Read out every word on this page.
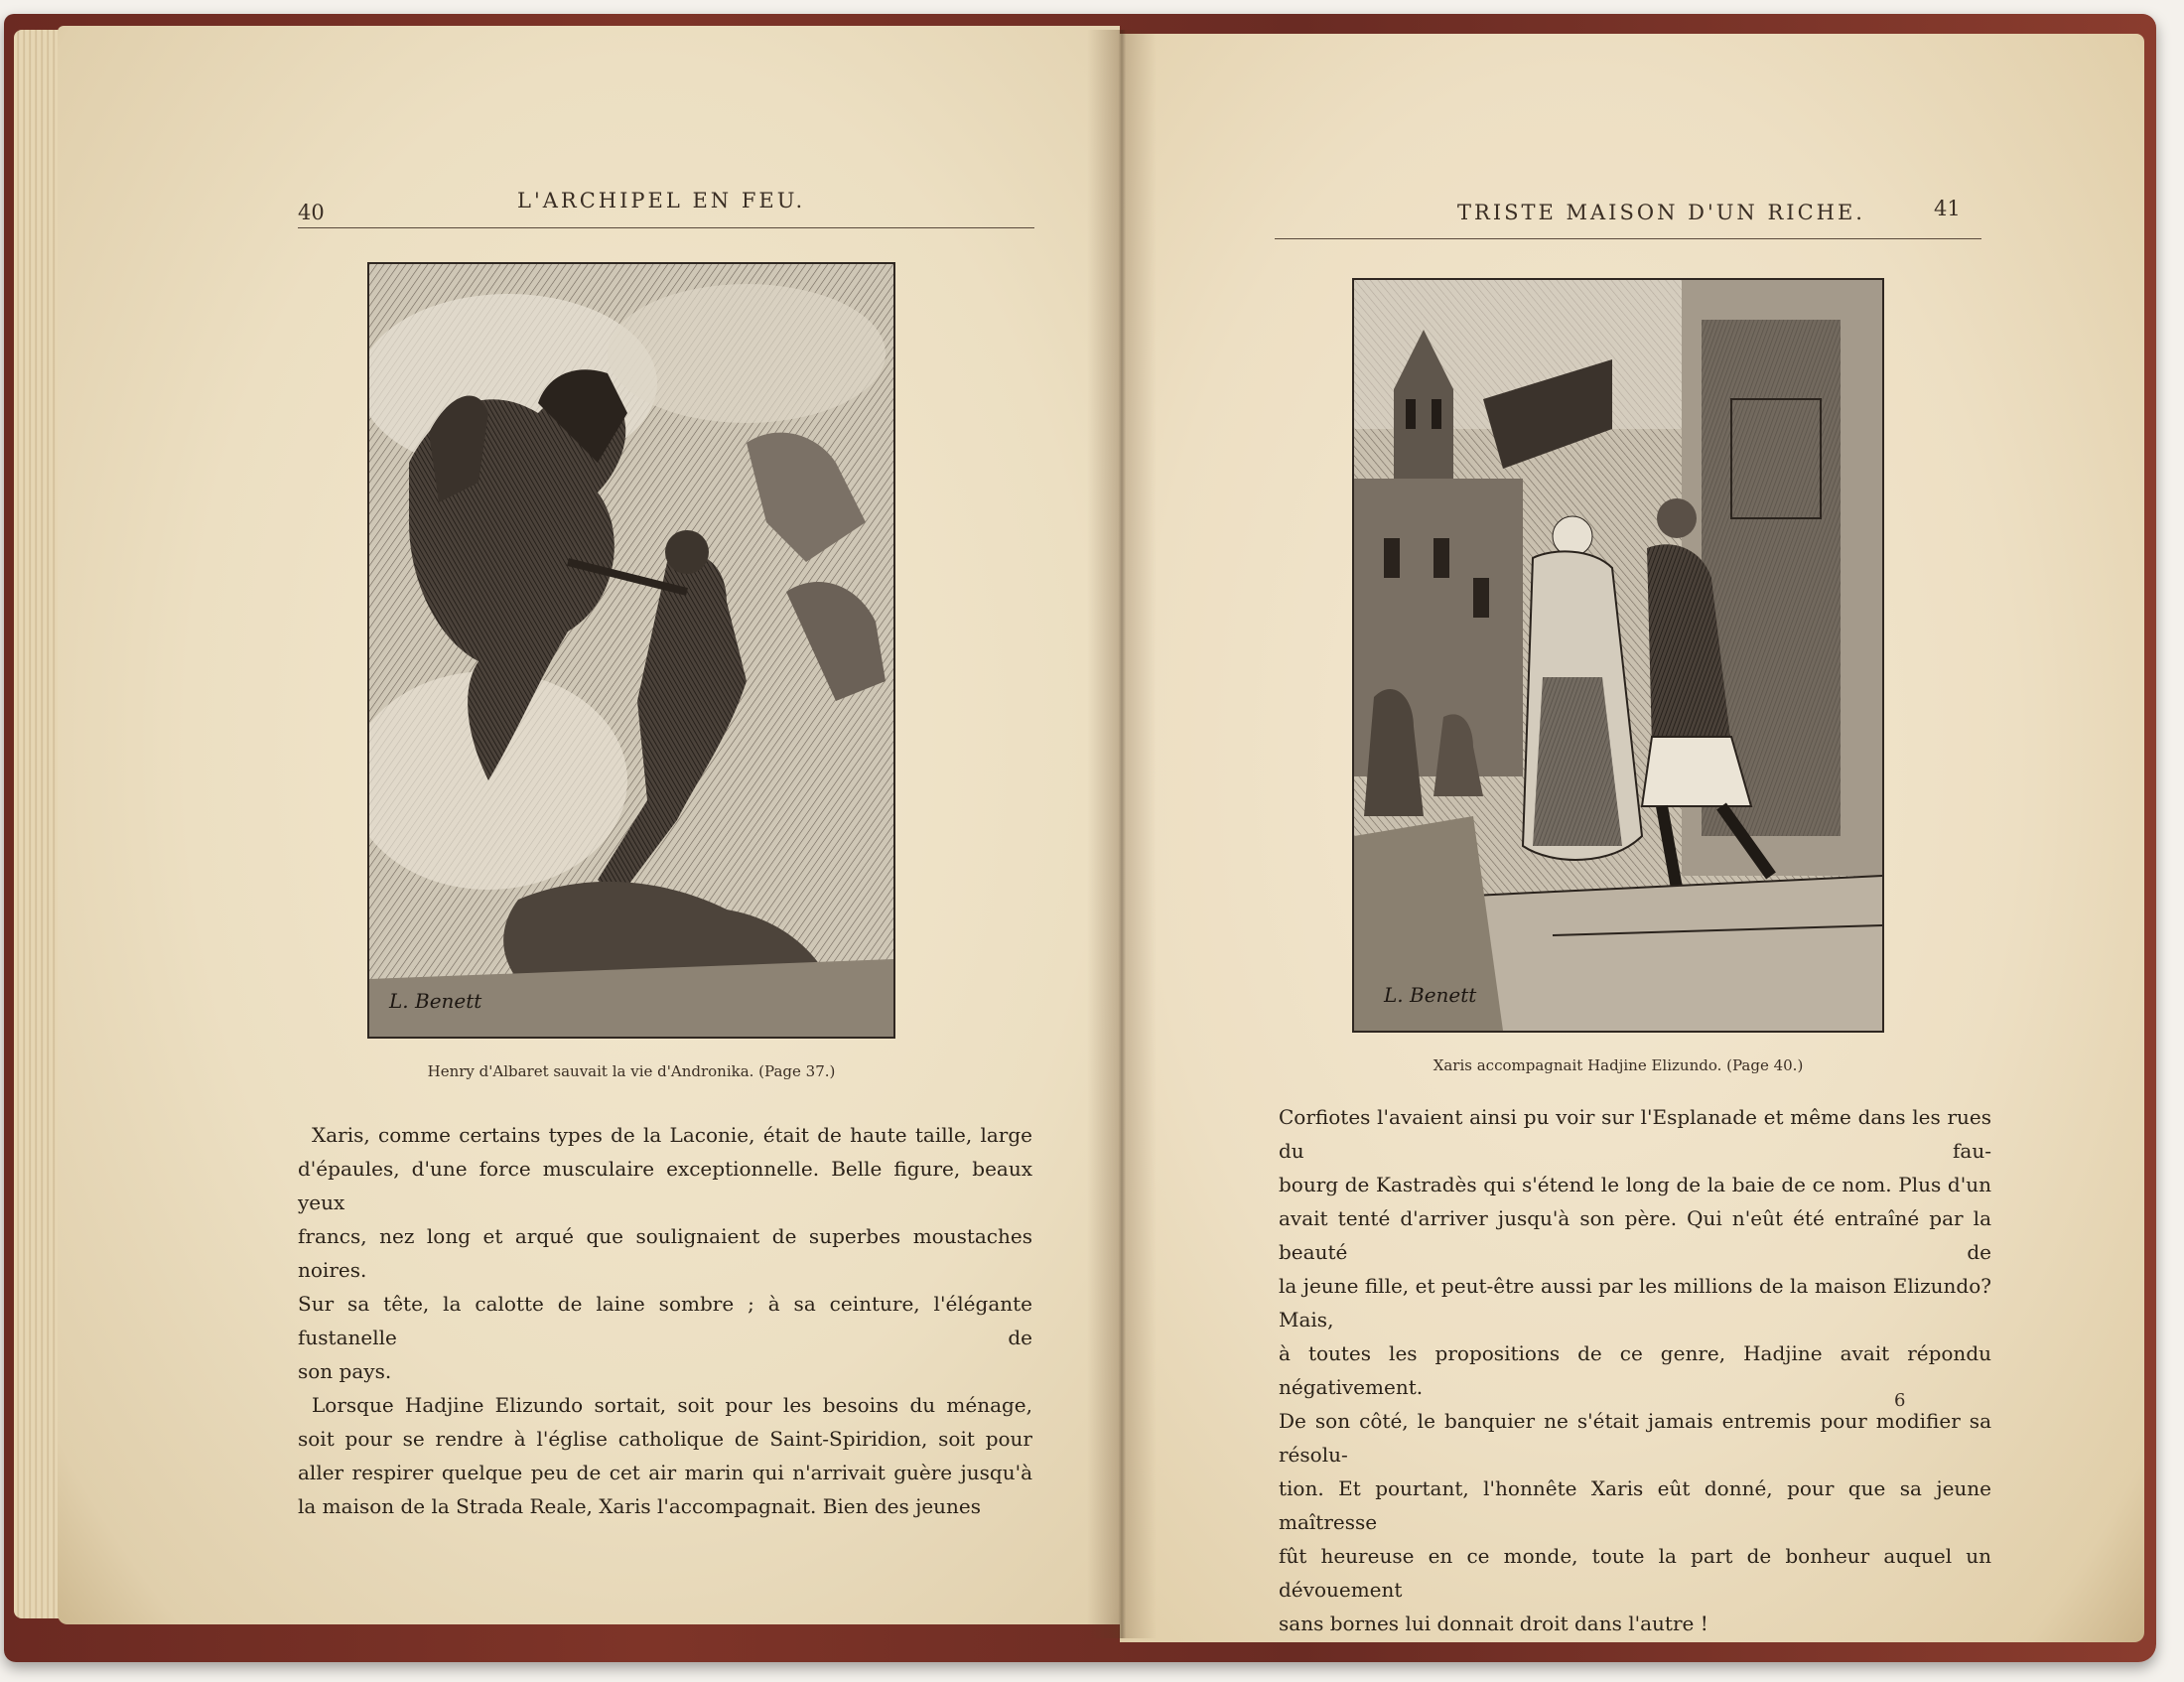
40	L'ARCHIPEL EN FEU.
L. Benett
Henry d'Albaret sauvait la vie d'Andronika. (Page 37.)

Xaris, comme certains types de la Laconie, était de haute taille, large

d'épaules, d'une force musculaire exceptionnelle. Belle figure, beaux yeux

francs, nez long et arqué que soulignaient de superbes moustaches noires.

Sur sa tête, la calotte de laine sombre ; à sa ceinture, l'élégante fustanelle de

son pays.

Lorsque Hadjine Elizundo sortait, soit pour les besoins du ménage,

soit pour se rendre à l'église catholique de Saint-Spiridion, soit pour

aller respirer quelque peu de cet air marin qui n'arrivait guère jusqu'à

la maison de la Strada Reale, Xaris l'accompagnait. Bien des jeunes

TRISTE MAISON D'UN RICHE.	41
L. Benett
Xaris accompagnait Hadjine Elizundo. (Page 40.)

Corfiotes l'avaient ainsi pu voir sur l'Esplanade et même dans les rues du fau-

bourg de Kastradès qui s'étend le long de la baie de ce nom. Plus d'un

avait tenté d'arriver jusqu'à son père. Qui n'eût été entraîné par la beauté de

la jeune fille, et peut-être aussi par les millions de la maison Elizundo? Mais,

à toutes les propositions de ce genre, Hadjine avait répondu négativement.

De son côté, le banquier ne s'était jamais entremis pour modifier sa résolu-

tion. Et pourtant, l'honnête Xaris eût donné, pour que sa jeune maîtresse

fût heureuse en ce monde, toute la part de bonheur auquel un dévouement

sans bornes lui donnait droit dans l'autre !

6
